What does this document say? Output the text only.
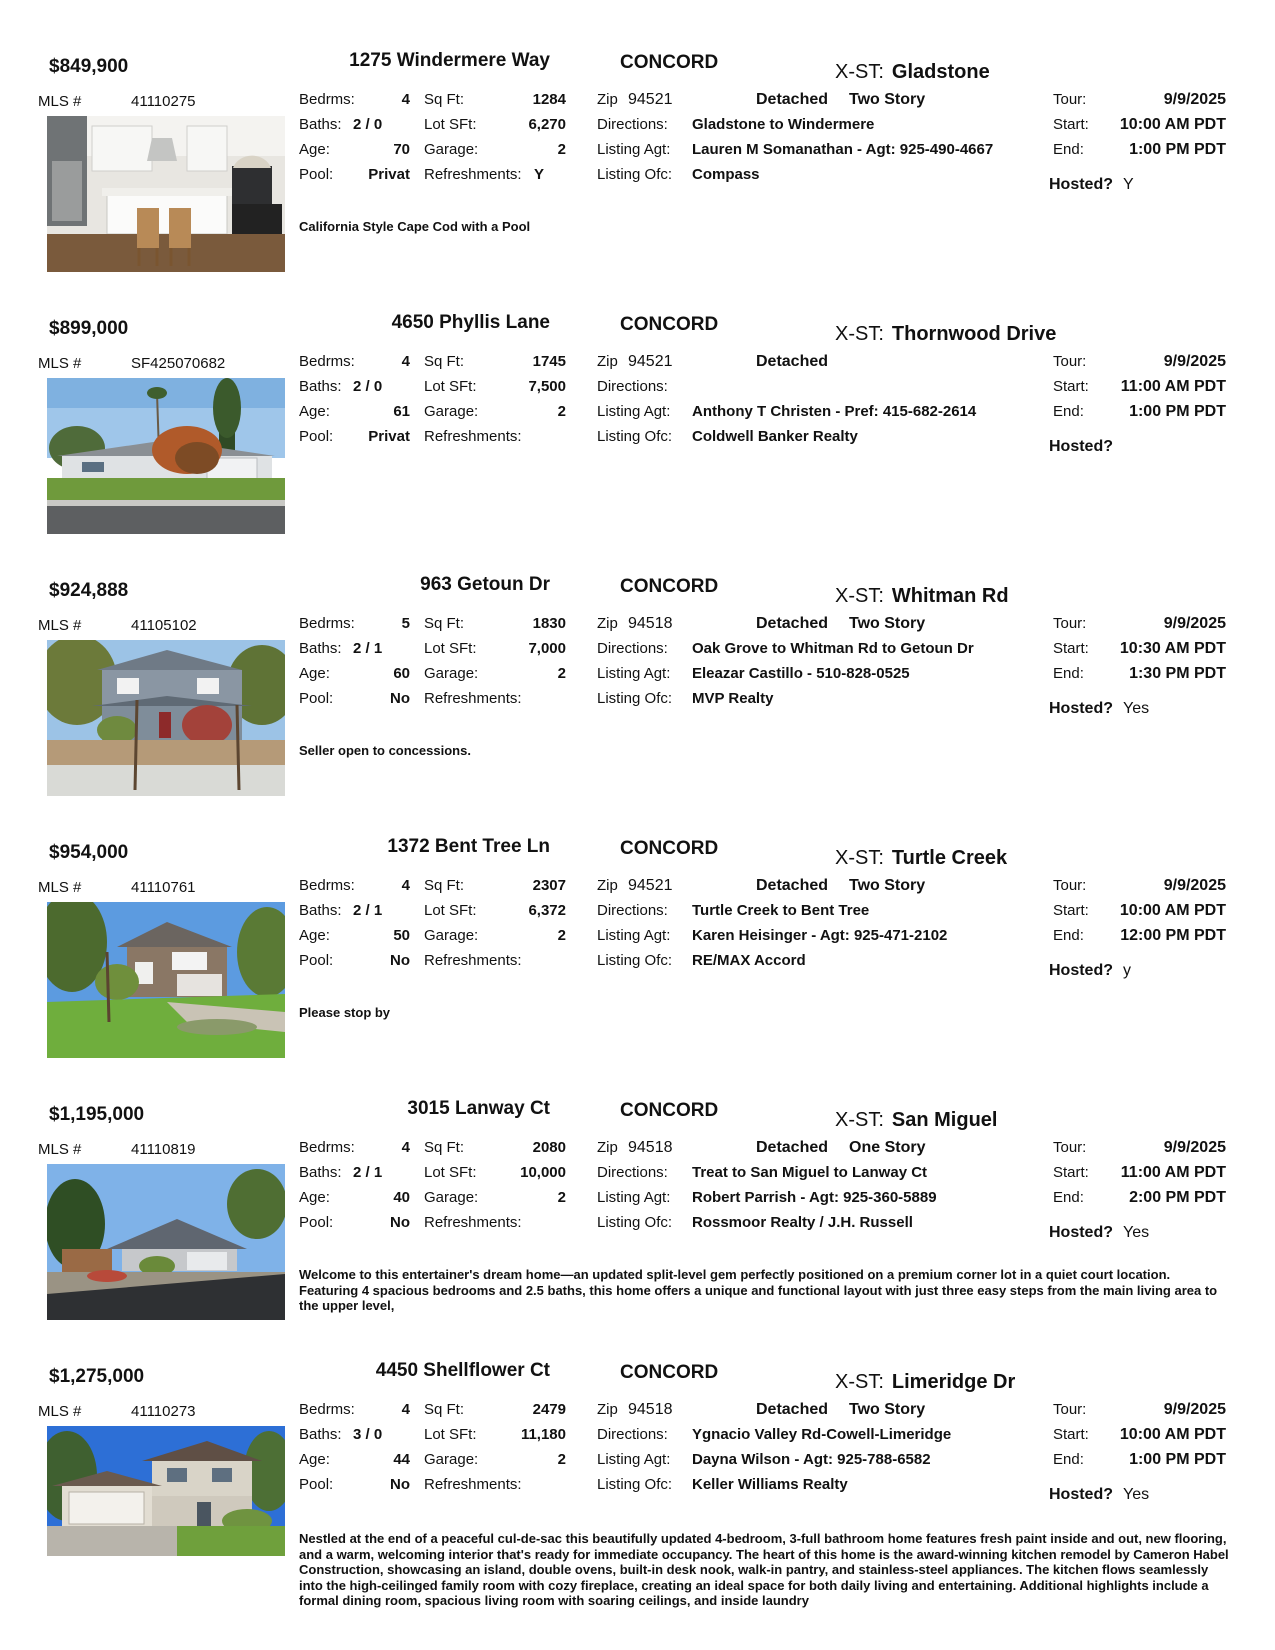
$849,900	1275 Windermere Way	CONCORD	X-ST: Gladstone
MLS #	41110275	Bedrms:	4
Baths: 2 / 0
Age:	70
Pool:	Privat
Sq Ft:	1284
Lot SFt:	6,270
Garage:	2
Refreshments: Y
Zip 94521	Detached Two Story
Directions: Gladstone to Windermere
Listing Agt: Lauren M Somanathan - Agt: 925-490-4667
Listing Ofc: Compass
Tour:	9/9/2025
Start:	10:00 AM PDT
End:	1:00 PM PDT
Hosted? Y
California Style Cape Cod with a Pool
$899,000	4650 Phyllis Lane	CONCORD	X-ST: Thornwood Drive
MLS #	SF425070682	Bedrms:	4
Baths: 2 / 0
Age:	61
Pool:	Privat
Sq Ft:	1745
Lot SFt:	7,500
Garage:	2
Refreshments:
Zip 94521	Detached
Directions:
Listing Agt: Anthony T Christen - Pref: 415-682-2614
Listing Ofc: Coldwell Banker Realty
Tour:	9/9/2025
Start:	11:00 AM PDT
End:	1:00 PM PDT
Hosted?
$924,888	963 Getoun Dr	CONCORD	X-ST: Whitman Rd
MLS #	41105102	Bedrms:	5
Baths: 2 / 1
Age:	60
Pool:	No
Sq Ft:	1830
Lot SFt:	7,000
Garage:	2
Refreshments:
Zip 94518	Detached Two Story
Directions: Oak Grove to Whitman Rd to Getoun Dr
Listing Agt: Eleazar Castillo - 510-828-0525
Listing Ofc: MVP Realty
Tour:	9/9/2025
Start:	10:30 AM PDT
End:	1:30 PM PDT
Hosted? Yes
Seller open to concessions.
$954,000	1372 Bent Tree Ln	CONCORD	X-ST: Turtle Creek
MLS #	41110761	Bedrms:	4
Baths: 2 / 1
Age:	50
Pool:	No
Sq Ft:	2307
Lot SFt:	6,372
Garage:	2
Refreshments:
Zip 94521	Detached Two Story
Directions: Turtle Creek to Bent Tree
Listing Agt: Karen Heisinger - Agt: 925-471-2102
Listing Ofc: RE/MAX Accord
Tour:	9/9/2025
Start:	10:00 AM PDT
End:	12:00 PM PDT
Hosted? y
Please stop by
$1,195,000	3015 Lanway Ct	CONCORD	X-ST: San Miguel
MLS #	41110819	Bedrms:	4
Baths: 2 / 1
Age:	40
Pool:	No
Sq Ft:	2080
Lot SFt:	10,000
Garage:	2
Refreshments:
Zip 94518	Detached One Story
Directions: Treat to San Miguel to Lanway Ct
Listing Agt: Robert Parrish - Agt: 925-360-5889
Listing Ofc: Rossmoor Realty / J.H. Russell
Tour:	9/9/2025
Start:	11:00 AM PDT
End:	2:00 PM PDT
Hosted? Yes
Welcome to this entertainer's dream home—an updated split-level gem perfectly positioned on a premium corner lot in a quiet court location. Featuring 4 spacious bedrooms and 2.5 baths, this home offers a unique and functional layout with just three easy steps from the main living area to the upper level,
$1,275,000	4450 Shellflower Ct	CONCORD	X-ST: Limeridge Dr
MLS #	41110273	Bedrms:	4
Baths: 3 / 0
Age:	44
Pool:	No
Sq Ft:	2479
Lot SFt:	11,180
Garage:	2
Refreshments:
Zip 94518	Detached Two Story
Directions: Ygnacio Valley Rd-Cowell-Limeridge
Listing Agt: Dayna Wilson - Agt: 925-788-6582
Listing Ofc: Keller Williams Realty
Tour:	9/9/2025
Start:	10:00 AM PDT
End:	1:00 PM PDT
Hosted? Yes
Nestled at the end of a peaceful cul-de-sac this beautifully updated 4-bedroom, 3-full bathroom home features fresh paint inside and out, new flooring, and a warm, welcoming interior that's ready for immediate occupancy. The heart of this home is the award-winning kitchen remodel by Cameron Habel Construction, showcasing an island, double ovens, built-in desk nook, walk-in pantry, and stainless-steel appliances. The kitchen flows seamlessly into the high-ceilinged family room with cozy fireplace, creating an ideal space for both daily living and entertaining. Additional highlights include a formal dining room, spacious living room with soaring ceilings, and inside laundry
